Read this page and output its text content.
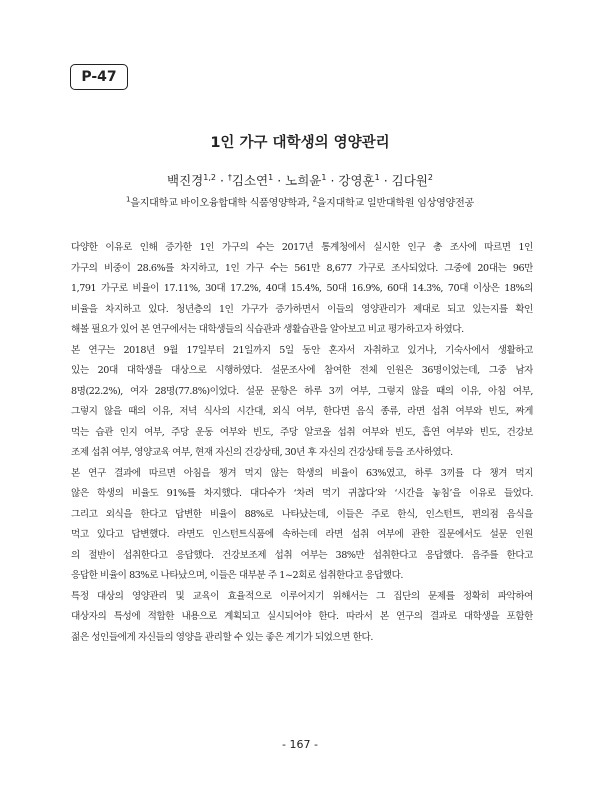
P-47
1인 가구 대학생의 영양관리
백진경$^{1,2}$ · †김소연$^1$ · 노희윤$^1$ · 강영훈$^1$ · 김다원$^2$
$^1$을지대학교 바이오융합대학 식품영양학과, $^2$을지대학교 일반대학원 임상영양전공
다양한 이유로 인해 증가한 1인 가구의 수는 2017년 통계청에서 실시한 인구 총 조사에 따르면 1인
가구의 비중이 28.6%를 차지하고, 1인 가구 수는 561만 8,677 가구로 조사되었다. 그중에 20대는 96만
1,791 가구로 비율이 17.11%, 30대 17.2%, 40대 15.4%, 50대 16.9%, 60대 14.3%, 70대 이상은 18%의
비율을 차지하고 있다. 청년층의 1인 가구가 증가하면서 이들의 영양관리가 제대로 되고 있는지를 확인
해볼 필요가 있어 본 연구에서는 대학생들의 식습관과 생활습관을 알아보고 비교 평가하고자 하였다.
본 연구는 2018년 9월 17일부터 21일까지 5일 동안 혼자서 자취하고 있거나, 기숙사에서 생활하고
있는 20대 대학생을 대상으로 시행하였다. 설문조사에 참여한 전체 인원은 36명이었는데, 그중 남자
8명(22.2%), 여자 28명(77.8%)이었다. 설문 문항은 하루 3끼 여부, 그렇지 않을 때의 이유, 아침 여부,
그렇지 않을 때의 이유, 저녁 식사의 시간대, 외식 여부, 한다면 음식 종류, 라면 섭취 여부와 빈도, 짜게
먹는 습관 인지 여부, 주당 운동 여부와 빈도, 주당 알코올 섭취 여부와 빈도, 흡연 여부와 빈도, 건강보
조제 섭취 여부, 영양교육 여부, 현재 자신의 건강상태, 30년 후 자신의 건강상태 등을 조사하였다.
본 연구 결과에 따르면 아침을 챙겨 먹지 않는 학생의 비율이 63%였고, 하루 3끼를 다 챙겨 먹지
않은 학생의 비율도 91%를 차지했다. 대다수가 ‘차려 먹기 귀찮다’와 ‘시간을 놓침’을 이유로 들었다.
그리고 외식을 한다고 답변한 비율이 88%로 나타났는데, 이들은 주로 한식, 인스턴트, 편의점 음식을
먹고 있다고 답변했다. 라면도 인스턴트식품에 속하는데 라면 섭취 여부에 관한 질문에서도 설문 인원
의 절반이 섭취한다고 응답했다. 건강보조제 섭취 여부는 38%만 섭취한다고 응답했다. 음주를 한다고
응답한 비율이 83%로 나타났으며, 이들은 대부분 주 1~2회로 섭취한다고 응답했다.
특정 대상의 영양관리 및 교육이 효율적으로 이루어지기 위해서는 그 집단의 문제를 정확히 파악하여
대상자의 특성에 적합한 내용으로 계획되고 실시되어야 한다. 따라서 본 연구의 결과로 대학생을 포함한
젊은 성인들에게 자신들의 영양을 관리할 수 있는 좋은 계기가 되었으면 한다.
- 167 -
